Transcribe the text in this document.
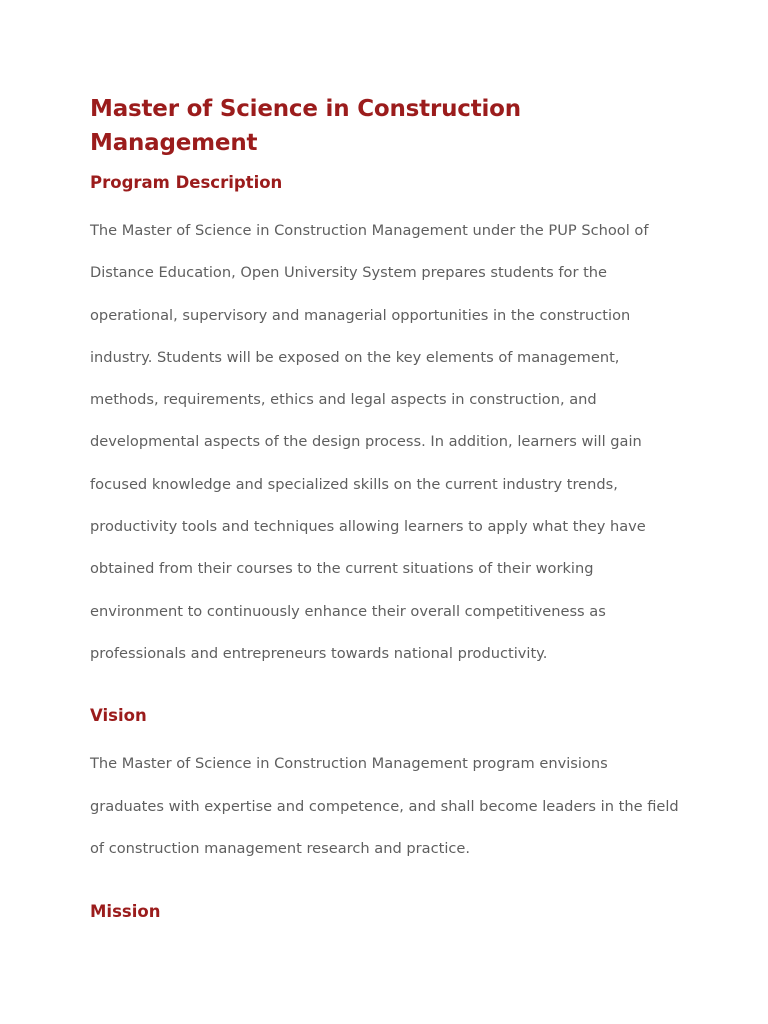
Master of Science in Construction Management
Program Description

The Master of Science in Construction Management under the PUP School of Distance Education, Open University System prepares students for the operational, supervisory and managerial opportunities in the construction industry. Students will be exposed on the key elements of management, methods, requirements, ethics and legal aspects in construction, and developmental aspects of the design process. In addition, learners will gain focused knowledge and specialized skills on the current industry trends, productivity tools and techniques allowing learners to apply what they have obtained from their courses to the current situations of their working environment to continuously enhance their overall competitiveness as professionals and entrepreneurs towards national productivity.

Vision

The Master of Science in Construction Management program envisions graduates with expertise and competence, and shall become leaders in the field of construction management research and practice.

Mission
